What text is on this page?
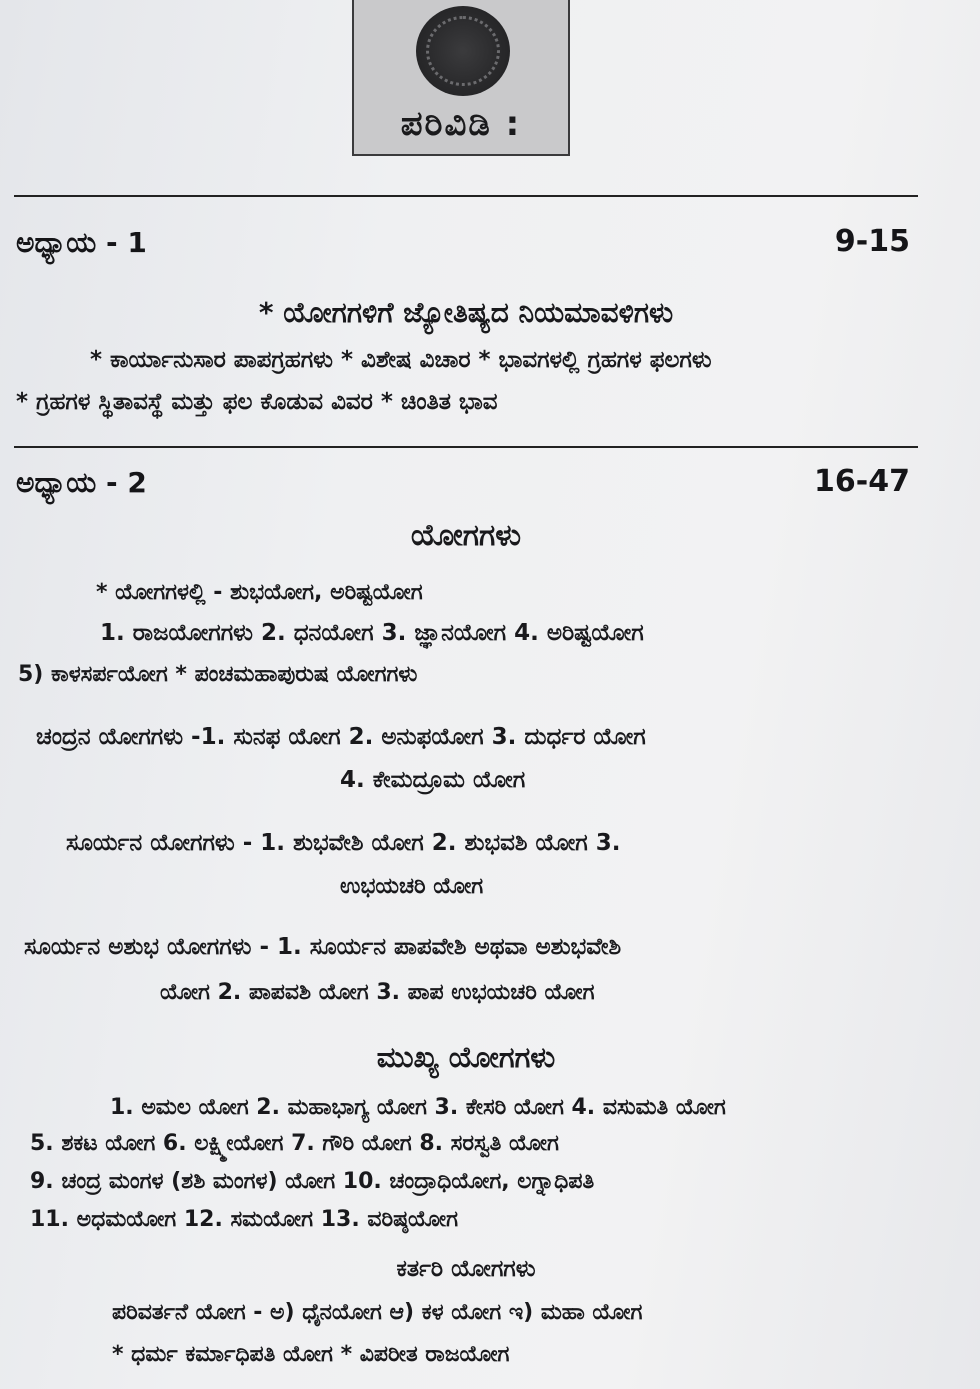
ಪರಿವಿಡಿ :
ಅಧ್ಯಾಯ - 1	9-15
* ಯೋಗಗಳಿಗೆ ಜ್ಯೋತಿಷ್ಯದ ನಿಯಮಾವಳಿಗಳು
* ಕಾರ್ಯಾನುಸಾರ ಪಾಪಗ್ರಹಗಳು * ವಿಶೇಷ ವಿಚಾರ * ಭಾವಗಳಲ್ಲಿ ಗ್ರಹಗಳ ಫಲಗಳು
* ಗ್ರಹಗಳ ಸ್ಥಿತಾವಸ್ಥೆ ಮತ್ತು ಫಲ ಕೊಡುವ ವಿವರ * ಚಿಂತಿತ ಭಾವ
ಅಧ್ಯಾಯ - 2	16-47
ಯೋಗಗಳು
* ಯೋಗಗಳಲ್ಲಿ - ಶುಭಯೋಗ, ಅರಿಷ್ಟಯೋಗ
1. ರಾಜಯೋಗಗಳು 2. ಧನಯೋಗ 3. ಜ್ಞಾನಯೋಗ 4. ಅರಿಷ್ಟಯೋಗ
5) ಕಾಳಸರ್ಪಯೋಗ * ಪಂಚಮಹಾಪುರುಷ ಯೋಗಗಳು
ಚಂದ್ರನ ಯೋಗಗಳು -1. ಸುನಫ ಯೋಗ 2. ಅನುಫಯೋಗ 3. ದುರ್ಧರ ಯೋಗ
4. ಕೇಮದ್ರೂಮ ಯೋಗ
ಸೂರ್ಯನ ಯೋಗಗಳು - 1. ಶುಭವೇಶಿ ಯೋಗ 2. ಶುಭವಶಿ ಯೋಗ 3.
ಉಭಯಚರಿ ಯೋಗ
ಸೂರ್ಯನ ಅಶುಭ ಯೋಗಗಳು - 1. ಸೂರ್ಯನ ಪಾಪವೇಶಿ ಅಥವಾ ಅಶುಭವೇಶಿ
ಯೋಗ 2. ಪಾಪವಶಿ ಯೋಗ 3. ಪಾಪ ಉಭಯಚರಿ ಯೋಗ
ಮುಖ್ಯ ಯೋಗಗಳು
1. ಅಮಲ ಯೋಗ 2. ಮಹಾಭಾಗ್ಯ ಯೋಗ 3. ಕೇಸರಿ ಯೋಗ 4. ವಸುಮತಿ ಯೋಗ
5. ಶಕಟ ಯೋಗ 6. ಲಕ್ಷ್ಮೀಯೋಗ 7. ಗೌರಿ ಯೋಗ 8. ಸರಸ್ವತಿ ಯೋಗ
9. ಚಂದ್ರ ಮಂಗಳ (ಶಶಿ ಮಂಗಳ) ಯೋಗ 10. ಚಂದ್ರಾಧಿಯೋಗ, ಲಗ್ನಾಧಿಪತಿ
11. ಅಧಮಯೋಗ 12. ಸಮಯೋಗ 13. ವರಿಷ್ಠಯೋಗ
ಕರ್ತರಿ ಯೋಗಗಳು
ಪರಿವರ್ತನೆ ಯೋಗ - ಅ) ಧೈನಯೋಗ ಆ) ಕಳ ಯೋಗ ಇ) ಮಹಾ ಯೋಗ
* ಧರ್ಮ ಕರ್ಮಾಧಿಪತಿ ಯೋಗ * ವಿಪರೀತ ರಾಜಯೋಗ
